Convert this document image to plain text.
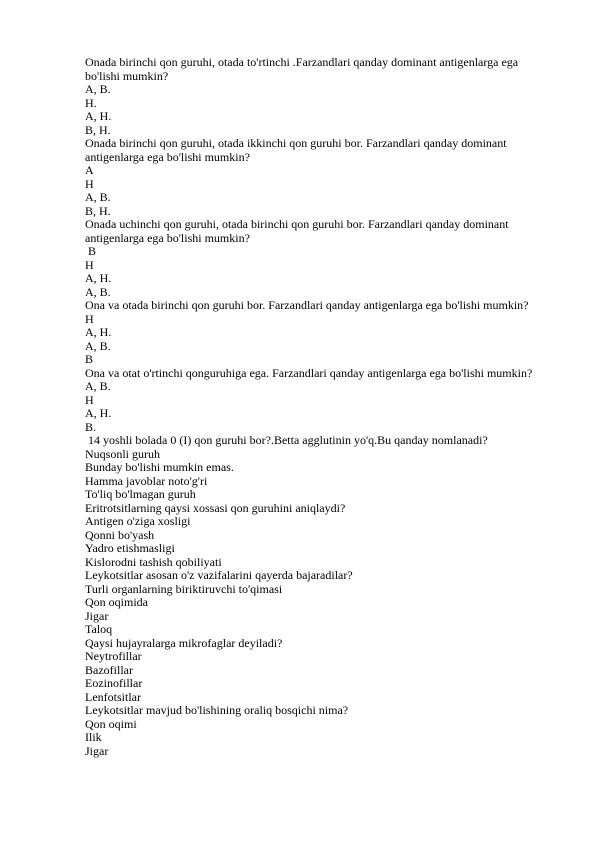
Onada birinchi qon guruhi, otada to'rtinchi .Farzandlari qanday dominant antigenlarga ega

bo'lishi mumkin?

A, B.

H.

A, H.

B, H.

Onada birinchi qon guruhi, otada ikkinchi qon guruhi bor. Farzandlari qanday dominant

antigenlarga ega bo'lishi mumkin?

A

H

A, B.

B, H.

Onada uchinchi qon guruhi, otada birinchi qon guruhi bor. Farzandlari qanday dominant

antigenlarga ega bo'lishi mumkin?

B

H

A, H.

A, B.

Ona va otada birinchi qon guruhi bor. Farzandlari qanday antigenlarga ega bo'lishi mumkin?

H

A, H.

A, B.

B

Ona va otat o'rtinchi qonguruhiga ega. Farzandlari qanday antigenlarga ega bo'lishi mumkin?

A, B.

H

A, H.

B.

14 yoshli bolada 0 (I) qon guruhi bor?.Betta agglutinin yo'q.Bu qanday nomlanadi?

Nuqsonli guruh

Bunday bo'lishi mumkin emas.

Hamma javoblar noto'g'ri

To'liq bo'lmagan guruh

Eritrotsitlarning qaysi xossasi qon guruhini aniqlaydi?

Antigen o'ziga xosligi

Qonni bo'yash

Yadro etishmasligi

Kislorodni tashish qobiliyati

Leykotsitlar asosan o'z vazifalarini qayerda bajaradilar?

Turli organlarning biriktiruvchi to'qimasi

Qon oqimida

Jigar

Taloq

Qaysi hujayralarga mikrofaglar deyiladi?

Neytrofillar

Bazofillar

Eozinofillar

Lenfotsitlar

Leykotsitlar mavjud bo'lishining oraliq bosqichi nima?

Qon oqimi

Ilik

Jigar
